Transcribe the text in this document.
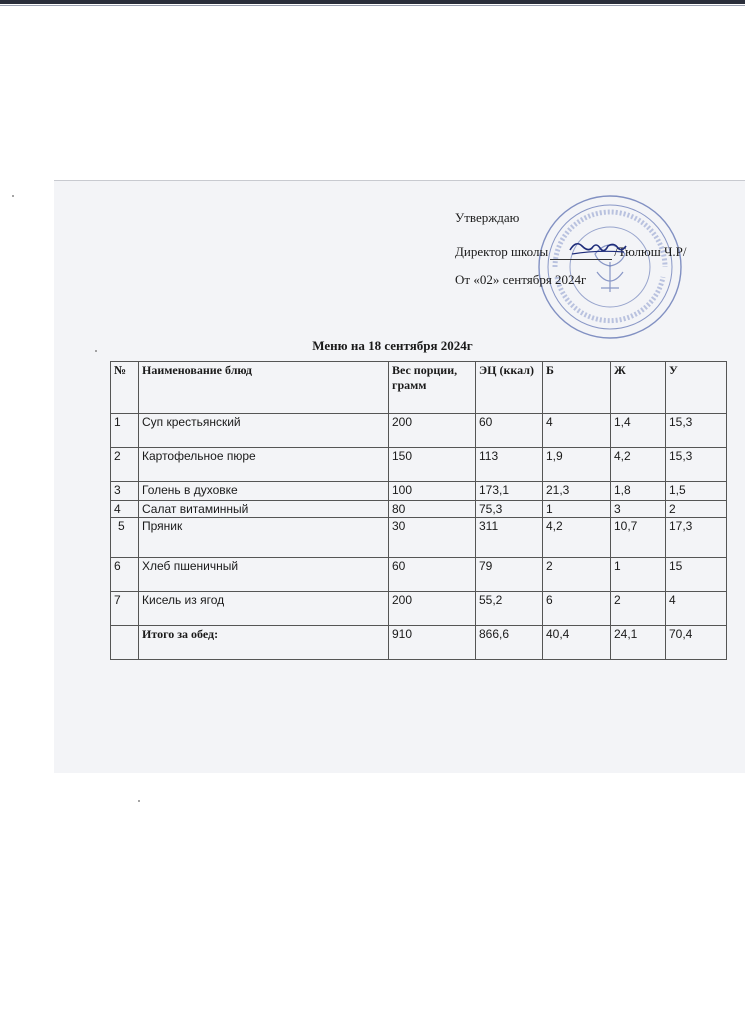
Утверждаю
Директор школы	/Тюлюш Ч.Р/
От «02» сентября 2024г
Меню на 18 сентября 2024г
№	Наименование блюд	Вес порции, грамм	ЭЦ (ккал)	Б	Ж	У
1	Суп крестьянский	200	60	4	1,4	15,3
2	Картофельное пюре	150	113	1,9	4,2	15,3
3	Голень в духовке	100	173,1	21,3	1,8	1,5
4	Салат витаминный	80	75,3	1	3	2
5	Пряник	30	311	4,2	10,7	17,3
6	Хлеб пшеничный	60	79	2	1	15
7	Кисель из ягод	200	55,2	6	2	4
	Итого за обед:	910	866,6	40,4	24,1	70,4
